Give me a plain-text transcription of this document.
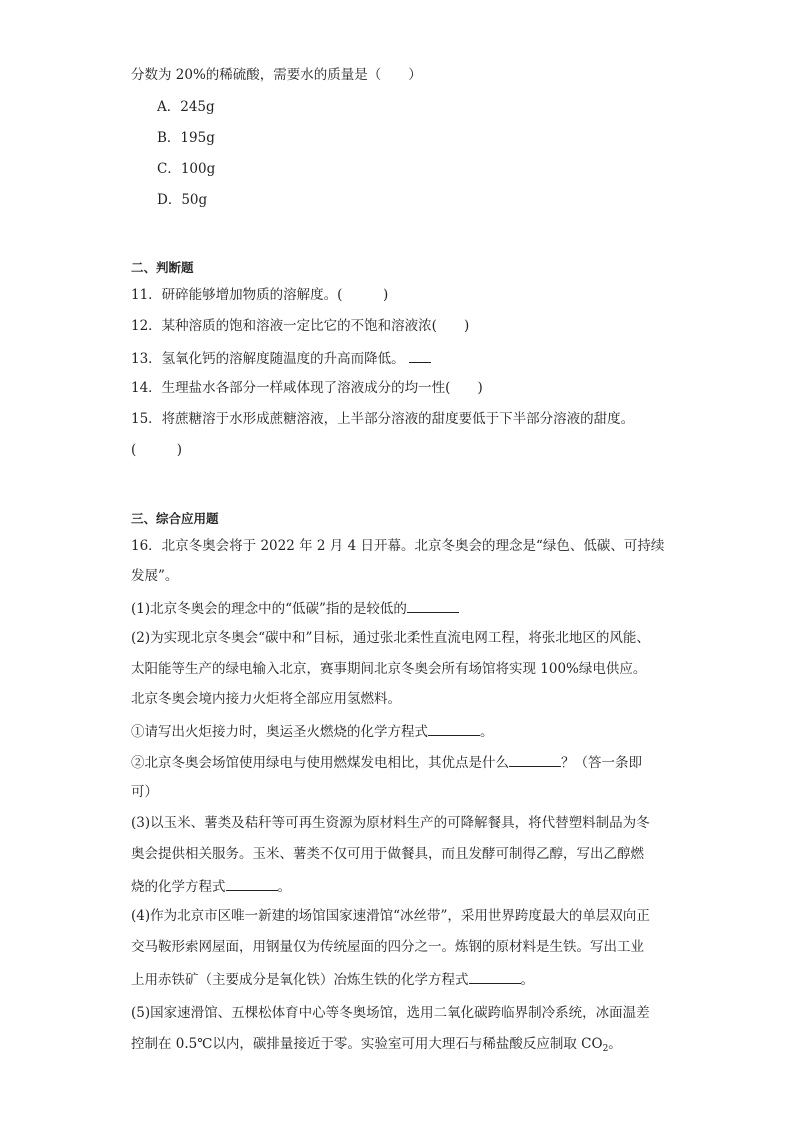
分数为 20%的稀硫酸，需要水的质量是（　　）
A．245g
B．195g
C．100g
D．50g
二、判断题
11．研碎能够增加物质的溶解度。(　　　)
12．某种溶质的饱和溶液一定比它的不饱和溶液浓(　　)
13．氢氧化钙的溶解度随温度的升高而降低。
14．生理盐水各部分一样咸体现了溶液成分的均一性(　　)
15．将蔗糖溶于水形成蔗糖溶液，上半部分溶液的甜度要低于下半部分溶液的甜度。
(　　　)
三、综合应用题
16．北京冬奥会将于 2022 年 2 月 4 日开幕。北京冬奥会的理念是“绿色、低碳、可持续
发展”。
(1)北京冬奥会的理念中的“低碳”指的是较低的
(2)为实现北京冬奥会“碳中和”目标，通过张北柔性直流电网工程，将张北地区的风能、
太阳能等生产的绿电输入北京，赛事期间北京冬奥会所有场馆将实现 100%绿电供应。
北京冬奥会境内接力火炬将全部应用氢燃料。
①请写出火炬接力时，奥运圣火燃烧的化学方程式	。
②北京冬奥会场馆使用绿电与使用燃煤发电相比，其优点是什么	？（答一条即
可）
(3)以玉米、薯类及秸秆等可再生资源为原材料生产的可降解餐具，将代替塑料制品为冬
奥会提供相关服务。玉米、薯类不仅可用于做餐具，而且发酵可制得乙醇，写出乙醇燃
烧的化学方程式	。
(4)作为北京市区唯一新建的场馆国家速滑馆“冰丝带”，采用世界跨度最大的单层双向正
交马鞍形索网屋面，用钢量仅为传统屋面的四分之一。炼钢的原材料是生铁。写出工业
上用赤铁矿（主要成分是氧化铁）冶炼生铁的化学方程式	。
(5)国家速滑馆、五棵松体育中心等冬奥场馆，选用二氧化碳跨临界制冷系统，冰面温差
控制在 0.5℃以内，碳排量接近于零。实验室可用大理石与稀盐酸反应制取 $CO_2$。
